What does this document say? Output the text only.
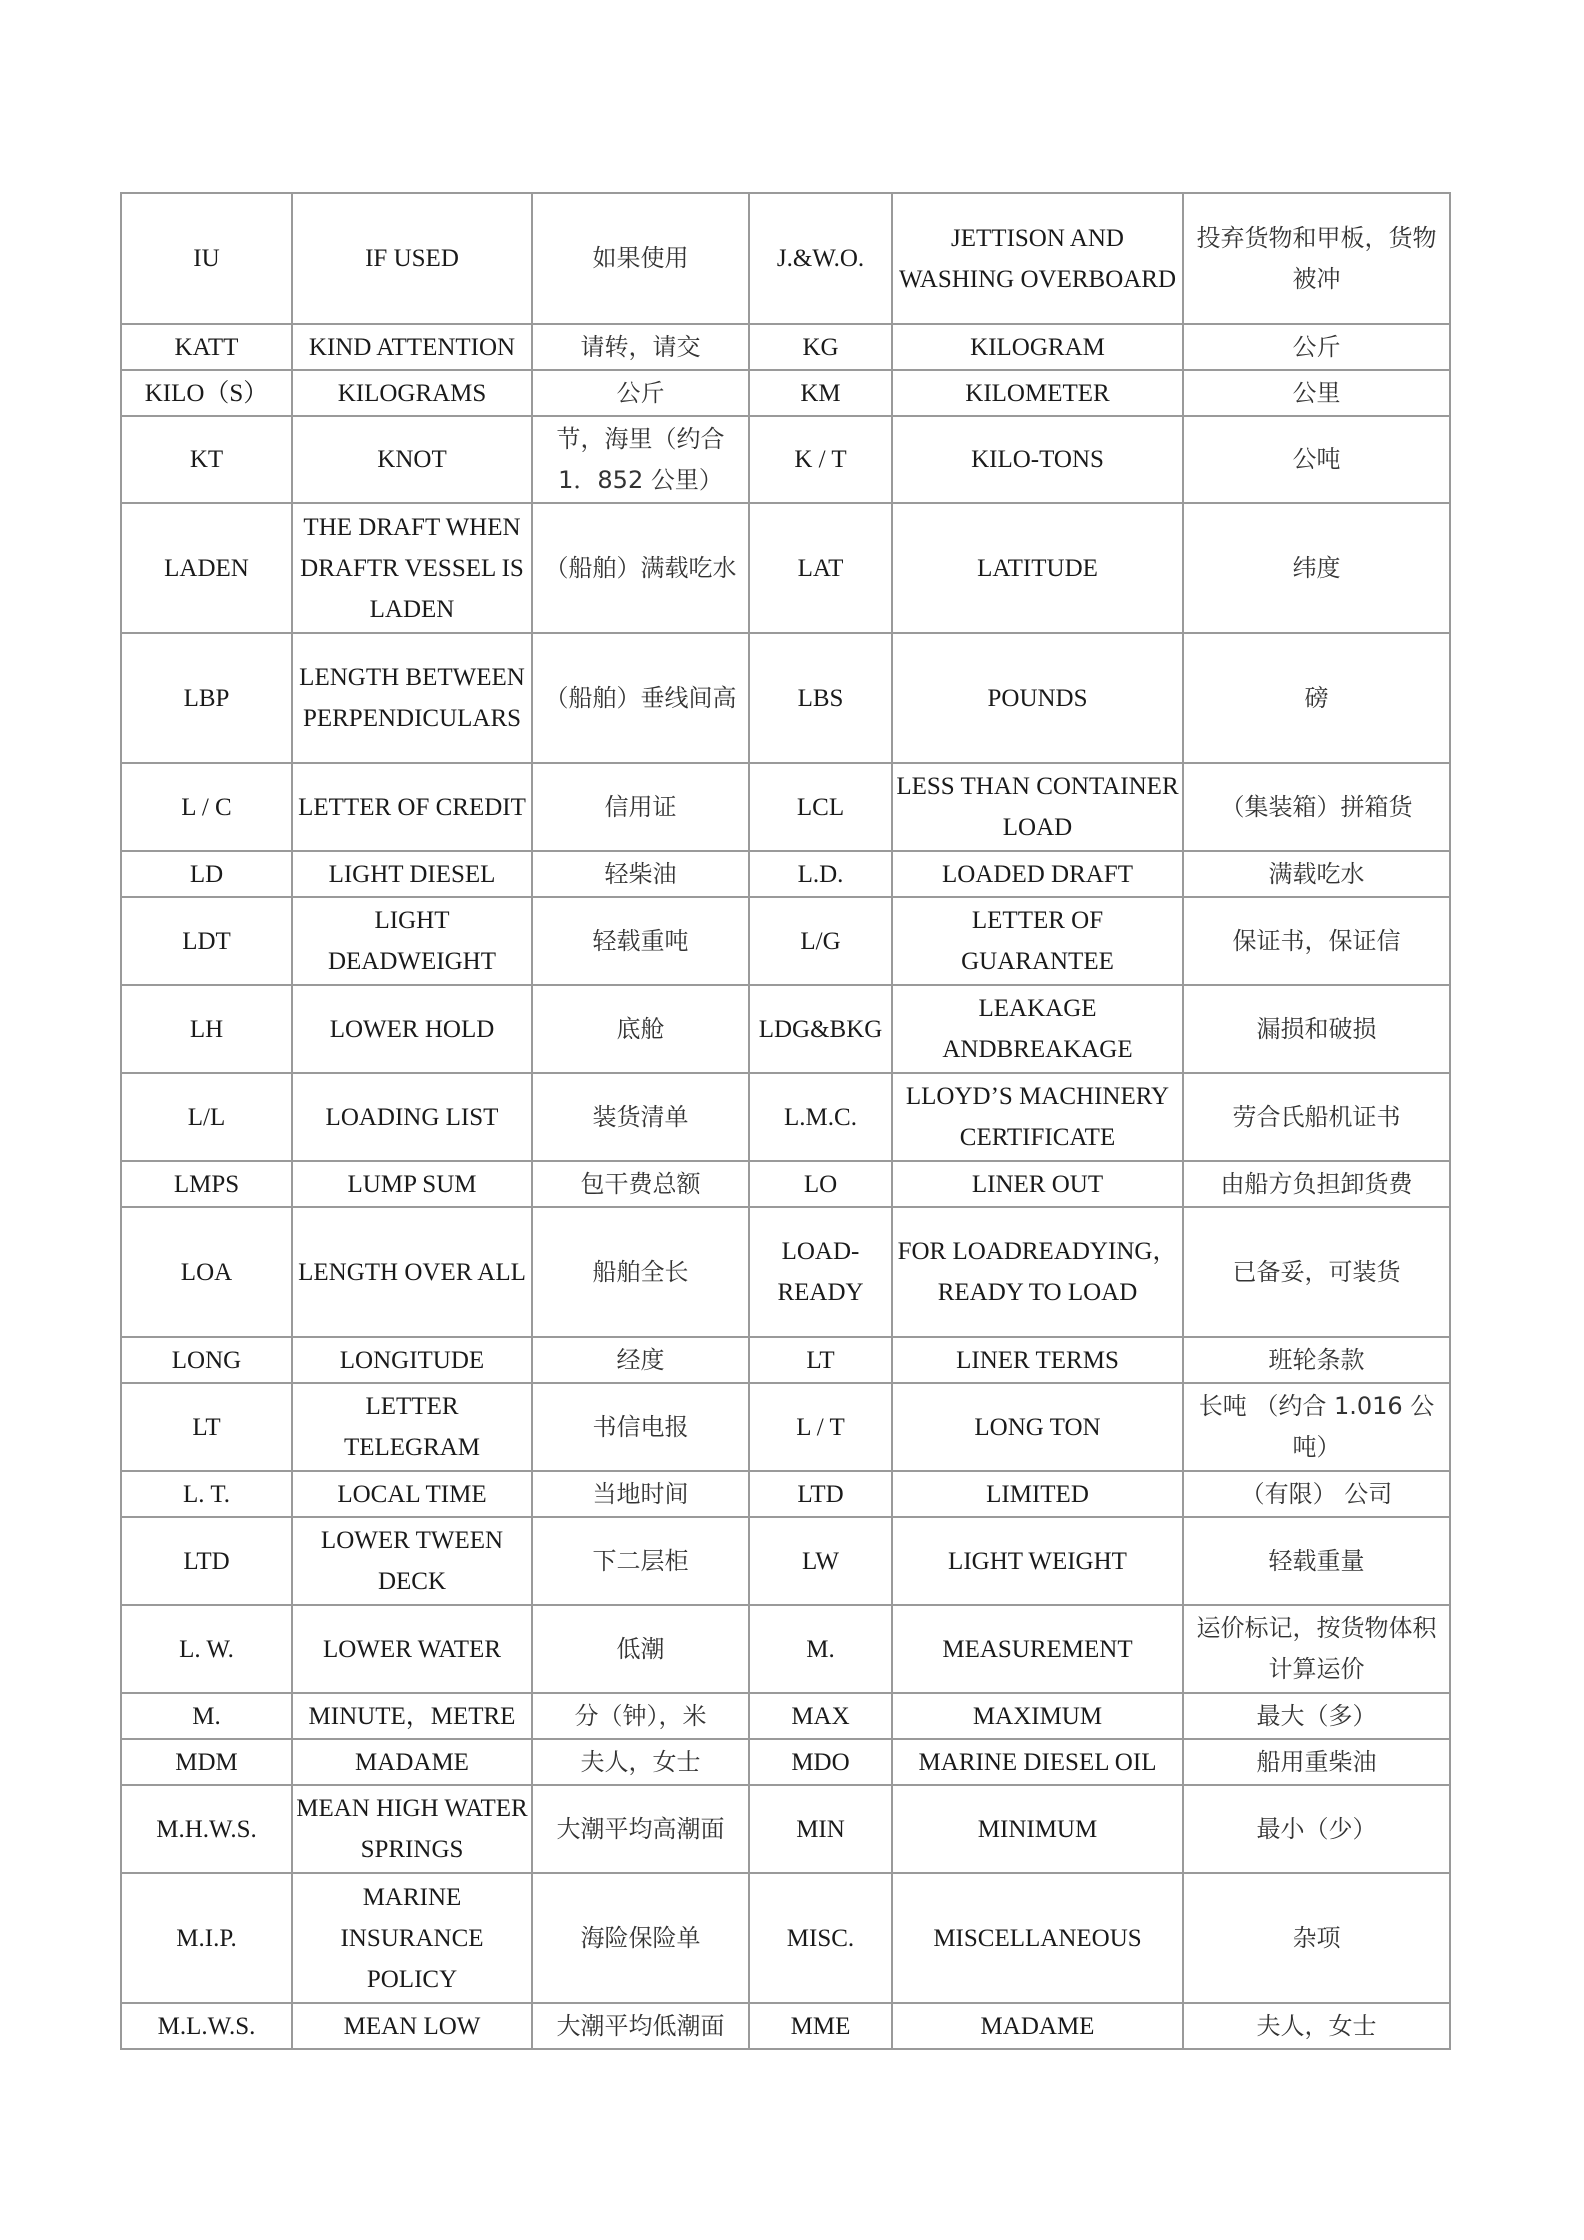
IU	IF USED	如果使用	J.&W.O.	JETTISON AND WASHING OVERBOARD	投弃货物和甲板，货物被冲
KATT	KIND ATTENTION	请转，请交	KG	KILOGRAM	公斤
KILO（S）	KILOGRAMS	公斤	KM	KILOMETER	公里
KT	KNOT	节，海里（约合 1．852 公里）	K / T	KILO-TONS	公吨
LADEN	THE DRAFT WHEN DRAFTR VESSEL IS LADEN	（船舶）满载吃水	LAT	LATITUDE	纬度
LBP	LENGTH BETWEEN PERPENDICULARS	（船舶）垂线间高	LBS	POUNDS	磅
L / C	LETTER OF CREDIT	信用证	LCL	LESS THAN CONTAINER LOAD	（集装箱）拼箱货
LD	LIGHT DIESEL	轻柴油	L.D.	LOADED DRAFT	满载吃水
LDT	LIGHT DEADWEIGHT	轻载重吨	L/G	LETTER OF GUARANTEE	保证书，保证信
LH	LOWER HOLD	底舱	LDG&BKG	LEAKAGE ANDBREAKAGE	漏损和破损
L/L	LOADING LIST	装货清单	L.M.C.	LLOYD’S MACHINERY CERTIFICATE	劳合氏船机证书
LMPS	LUMP SUM	包干费总额	LO	LINER OUT	由船方负担卸货费
LOA	LENGTH OVER ALL	船舶全长	LOAD-READY	FOR LOADREADYING，READY TO LOAD	已备妥，可装货
LONG	LONGITUDE	经度	LT	LINER TERMS	班轮条款
LT	LETTER TELEGRAM	书信电报	L / T	LONG TON	长吨 （约合 1.016 公吨）
L. T.	LOCAL TIME	当地时间	LTD	LIMITED	（有限） 公司
LTD	LOWER TWEEN DECK	下二层柜	LW	LIGHT WEIGHT	轻载重量
L. W.	LOWER WATER	低潮	M.	MEASUREMENT	运价标记，按货物体积计算运价
M.	MINUTE，METRE	分（钟），米	MAX	MAXIMUM	最大（多）
MDM	MADAME	夫人，女士	MDO	MARINE DIESEL OIL	船用重柴油
M.H.W.S.	MEAN HIGH WATER SPRINGS	大潮平均高潮面	MIN	MINIMUM	最小（少）
M.I.P.	MARINE INSURANCE POLICY	海险保险单	MISC.	MISCELLANEOUS	杂项
M.L.W.S.	MEAN LOW	大潮平均低潮面	MME	MADAME	夫人，女士
